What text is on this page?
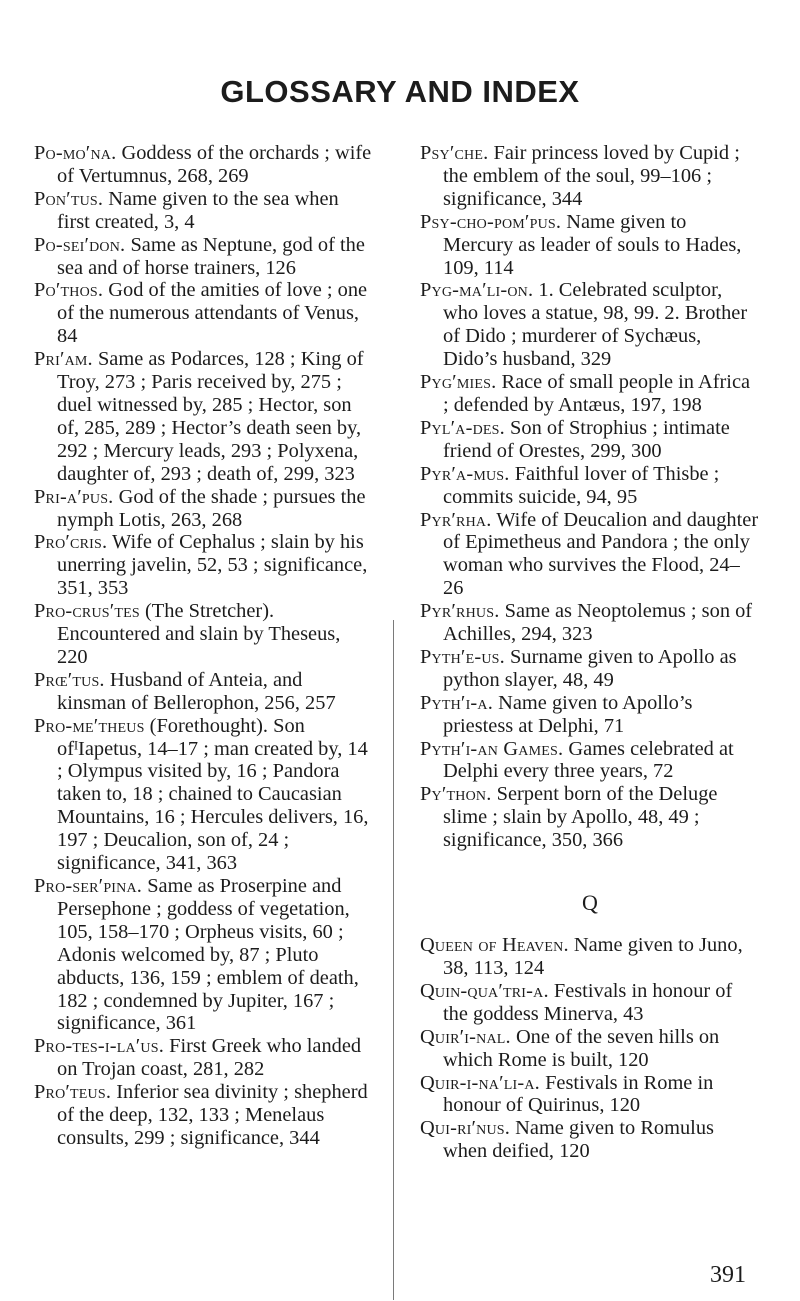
GLOSSARY AND INDEX

Po-mo′na. Goddess of the orchards ; wife of Vertumnus, 268, 269

Pon′tus. Name given to the sea when first created, 3, 4

Po-sei′don. Same as Neptune, god of the sea and of horse trainers, 126

Po′thos. God of the amities of love ; one of the numerous attendants of Venus, 84

Pri′am. Same as Podarces, 128 ; King of Troy, 273 ; Paris received by, 275 ; duel witnessed by, 285 ; Hector, son of, 285, 289 ; Hector’s death seen by, 292 ; Mercury leads, 293 ; Polyxena, daughter of, 293 ; death of, 299, 323

Pri-a′pus. God of the shade ; pursues the nymph Lotis, 263, 268

Pro′cris. Wife of Cephalus ; slain by his unerring javelin, 52, 53 ; significance, 351, 353

Pro-crus′tes (The Stretcher). Encountered and slain by Theseus, 220

Prœ′tus. Husband of Anteia, and kinsman of Bellerophon, 256, 257

Pro-me′theus (Forethought). Son ofᴵIapetus, 14–17 ; man created by, 14 ; Olympus visited by, 16 ; Pandora taken to, 18 ; chained to Caucasian Mountains, 16 ; Hercules delivers, 16, 197 ; Deucalion, son of, 24 ; significance, 341, 363

Pro-ser′pina. Same as Proserpine and Persephone ; goddess of vegetation, 105, 158–170 ; Orpheus visits, 60 ; Adonis welcomed by, 87 ; Pluto abducts, 136, 159 ; emblem of death, 182 ; condemned by Jupiter, 167 ; significance, 361

Pro-tes-i-la′us. First Greek who landed on Trojan coast, 281, 282

Pro′teus. Inferior sea divinity ; shepherd of the deep, 132, 133 ; Menelaus consults, 299 ; significance, 344

Psy′che. Fair princess loved by Cupid ; the emblem of the soul, 99–106 ; significance, 344

Psy-cho-pom′pus. Name given to Mercury as leader of souls to Hades, 109, 114

Pyg-ma′li-on. 1. Celebrated sculptor, who loves a statue, 98, 99. 2. Brother of Dido ; murderer of Sychæus, Dido’s husband, 329

Pyg′mies. Race of small people in Africa ; defended by Antæus, 197, 198

Pyl′a-des. Son of Strophius ; intimate friend of Orestes, 299, 300

Pyr′a-mus. Faithful lover of Thisbe ; commits suicide, 94, 95

Pyr′rha. Wife of Deucalion and daughter of Epimetheus and Pandora ; the only woman who survives the Flood, 24–26

Pyr′rhus. Same as Neoptolemus ; son of Achilles, 294, 323

Pyth′e-us. Surname given to Apollo as python slayer, 48, 49

Pyth′i-a. Name given to Apollo’s priestess at Delphi, 71

Pyth′i-an Games. Games celebrated at Delphi every three years, 72

Py′thon. Serpent born of the Deluge slime ; slain by Apollo, 48, 49 ; significance, 350, 366

Q

Queen of Heaven. Name given to Juno, 38, 113, 124

Quin-qua′tri-a. Festivals in honour of the goddess Minerva, 43

Quir′i-nal. One of the seven hills on which Rome is built, 120

Quir-i-na′li-a. Festivals in Rome in honour of Quirinus, 120

Qui-ri′nus. Name given to Romulus when deified, 120

391
